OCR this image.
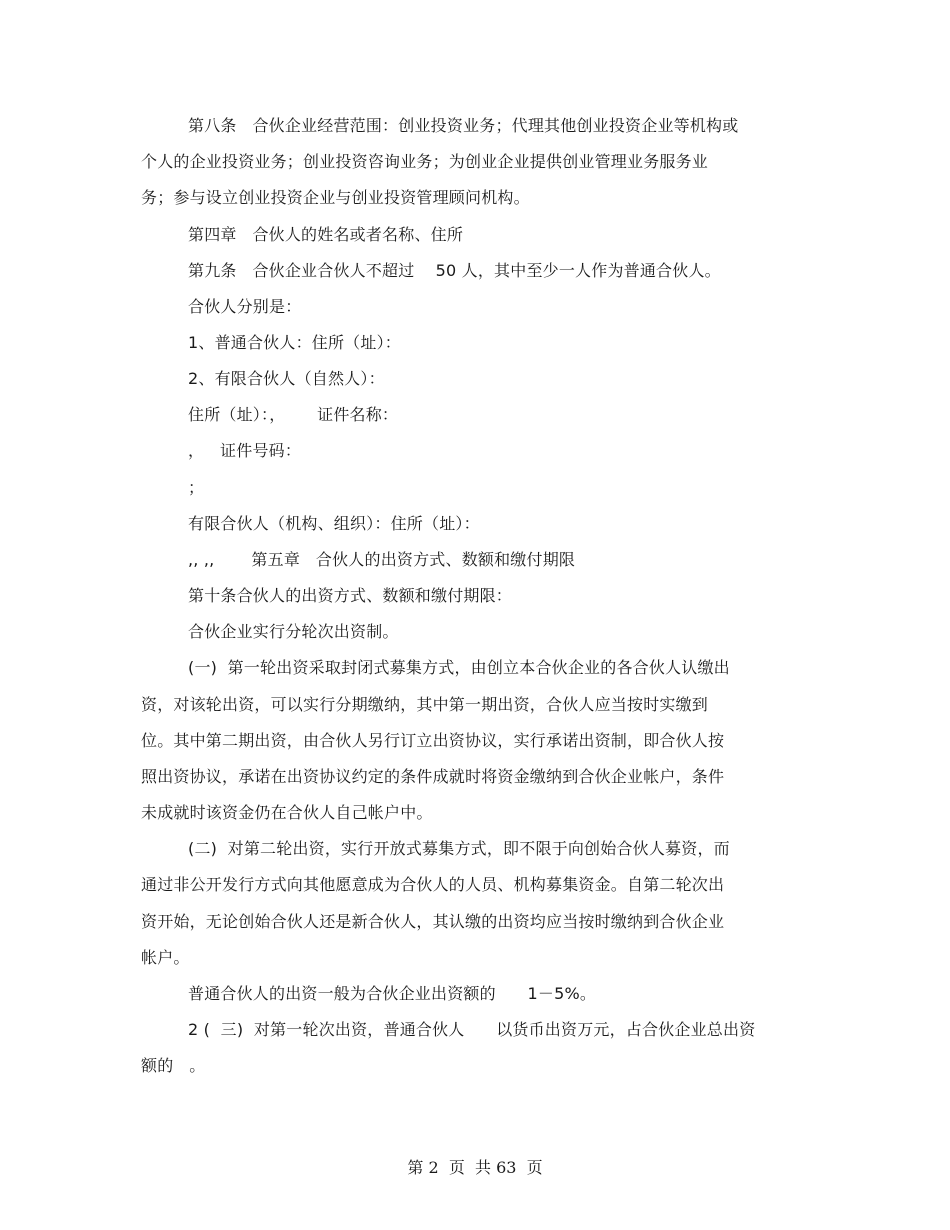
第八条   合伙企业经营范围：创业投资业务；代理其他创业投资企业等机构或
个人的企业投资业务；创业投资咨询业务；为创业企业提供创业管理业务服务业
务；参与设立创业投资企业与创业投资管理顾问机构。
第四章   合伙人的姓名或者名称、住所
第九条   合伙企业合伙人不超过    50 人，其中至少一人作为普通合伙人。
合伙人分别是：
1、普通合伙人：住所（址）：
2、有限合伙人（自然人）：
住所（址）：，      证件名称：
，   证件号码：
；
有限合伙人（机构、组织）：住所（址）：
,, ,,       第五章   合伙人的出资方式、数额和缴付期限
第十条合伙人的出资方式、数额和缴付期限：
合伙企业实行分轮次出资制。
(一)  第一轮出资采取封闭式募集方式，由创立本合伙企业的各合伙人认缴出
资，对该轮出资，可以实行分期缴纳，其中第一期出资，合伙人应当按时实缴到
位。其中第二期出资，由合伙人另行订立出资协议，实行承诺出资制，即合伙人按
照出资协议，承诺在出资协议约定的条件成就时将资金缴纳到合伙企业帐户，条件
未成就时该资金仍在合伙人自己帐户中。
(二)  对第二轮出资，实行开放式募集方式，即不限于向创始合伙人募资，而
通过非公开发行方式向其他愿意成为合伙人的人员、机构募集资金。自第二轮次出
资开始，无论创始合伙人还是新合伙人，其认缴的出资均应当按时缴纳到合伙企业
帐户。
普通合伙人的出资一般为合伙企业出资额的      1－5%。
2 (  三)  对第一轮次出资，普通合伙人      以货币出资万元，占合伙企业总出资
额的   。
第 2  页  共 63  页
